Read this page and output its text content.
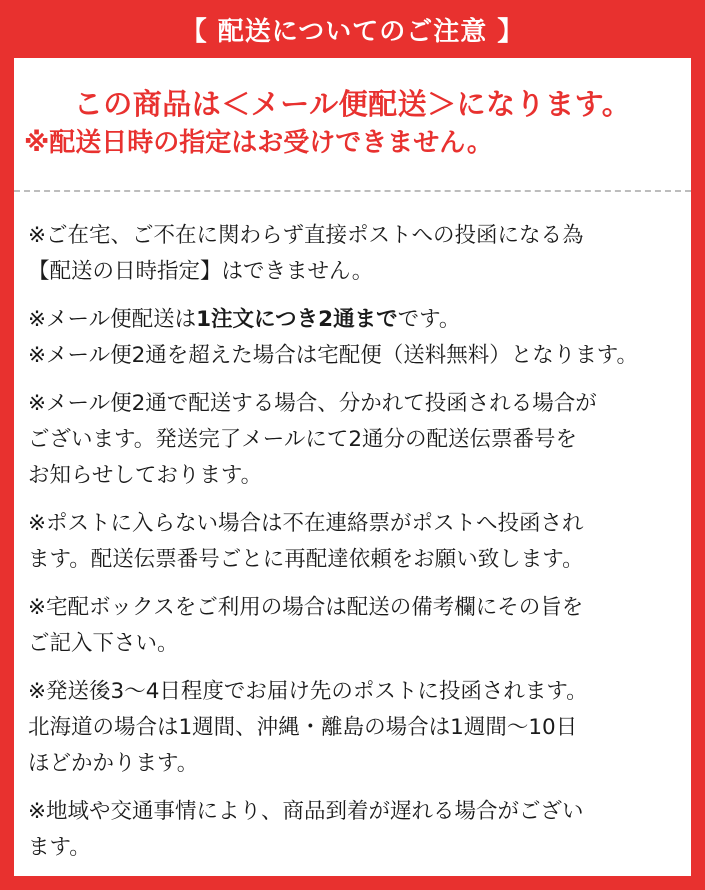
【 配送についてのご注意 】
この商品は＜メール便配送＞になります。
※配送日時の指定はお受けできません。

※ご在宅、ご不在に関わらず直接ポストへの投函になる為
【配送の日時指定】はできません。

※メール便配送は1注文につき2通までです。

※メール便2通を超えた場合は宅配便（送料無料）となります。

※メール便2通で配送する場合、分かれて投函される場合が
ございます。発送完了メールにて2通分の配送伝票番号を
お知らせしております。

※ポストに入らない場合は不在連絡票がポストへ投函され
ます。配送伝票番号ごとに再配達依頼をお願い致します。

※宅配ボックスをご利用の場合は配送の備考欄にその旨を
ご記入下さい。

※発送後3〜4日程度でお届け先のポストに投函されます。
北海道の場合は1週間、沖縄・離島の場合は1週間〜10日
ほどかかります。

※地域や交通事情により、商品到着が遅れる場合がござい
ます。
